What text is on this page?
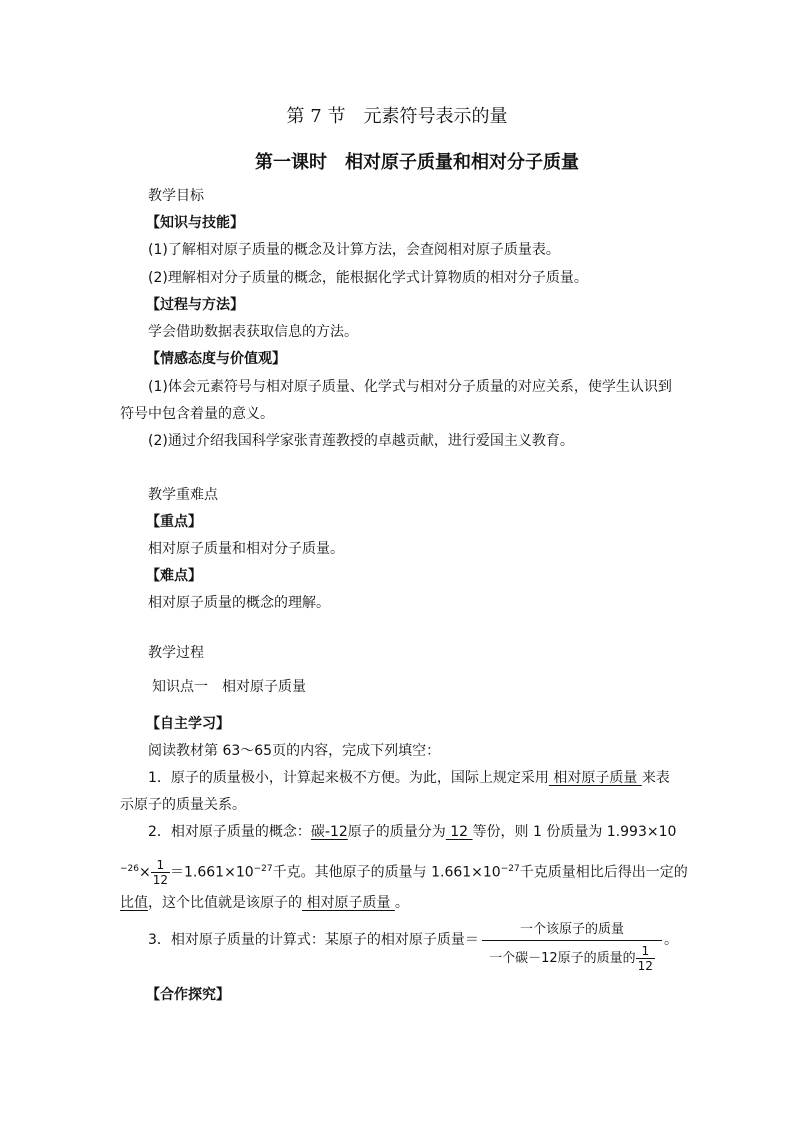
第 7 节　元素符号表示的量
第一课时　相对原子质量和相对分子质量
教学目标
【知识与技能】
(1)了解相对原子质量的概念及计算方法，会查阅相对原子质量表。
(2)理解相对分子质量的概念，能根据化学式计算物质的相对分子质量。
【过程与方法】
学会借助数据表获取信息的方法。
【情感态度与价值观】
(1)体会元素符号与相对原子质量、化学式与相对分子质量的对应关系，使学生认识到
符号中包含着量的意义。
(2)通过介绍我国科学家张青莲教授的卓越贡献，进行爱国主义教育。
教学重难点
【重点】
相对原子质量和相对分子质量。
【难点】
相对原子质量的概念的理解。
教学过程
知识点一　相对原子质量
【自主学习】
阅读教材第 63～65页的内容，完成下列填空：
1．原子的质量极小，计算起来极不方便。为此，国际上规定采用 相对原子质量 来表
示原子的质量关系。
2．相对原子质量的概念：碳-12原子的质量分为 12 等份，则 1 份质量为 1.993×10
$^{-26}\times \frac{1}{12} =1.661\times 10^{-27}$千克。其他原子的质量与 $1.661\times 10^{-27}$千克质量相比后得出一定的
比值，这个比值就是该原子的 相对原子质量 。
3．相对原子质量的计算式：某原子的相对原子质量＝
一个该原子的质量
一个碳－12原子的质量的 $\frac{1}{12}$
。
【合作探究】
